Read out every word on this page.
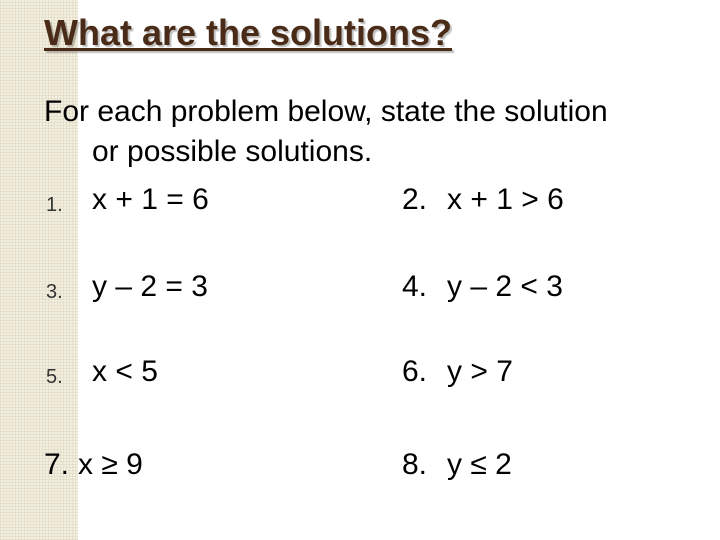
What are the solutions?
For each problem below, state the solution
or possible solutions.
1. x + 1 = 6	2. x + 1 > 6
3. y – 2 = 3	4. y – 2 < 3
5. x < 5	6. y > 7
7. x ≥ 9	8. y ≤ 2
